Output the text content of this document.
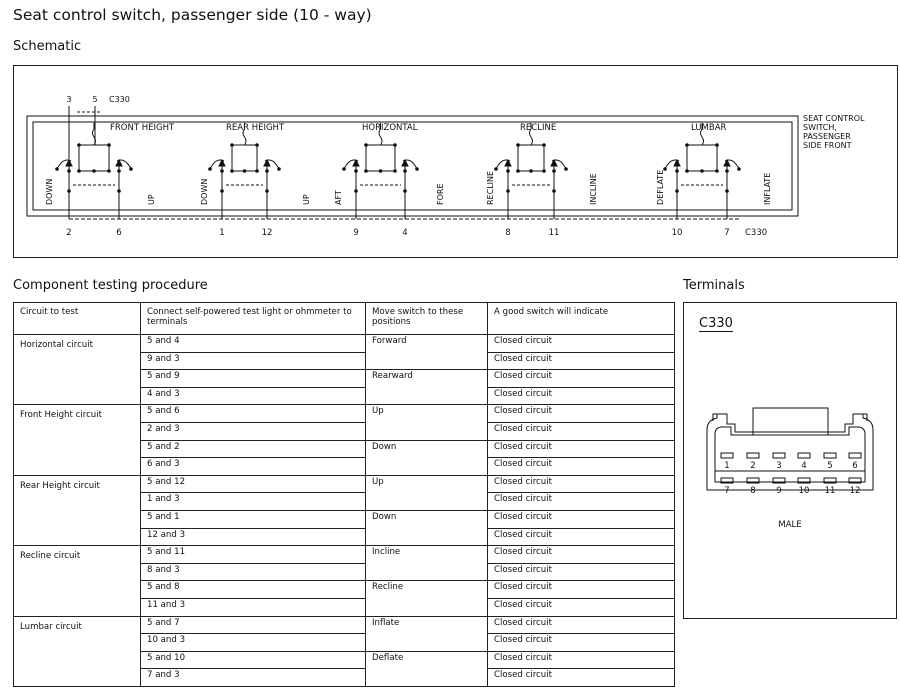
Seat control switch, passenger side (10 - way)
Schematic
3	5 C330
FRONT HEIGHT	REAR HEIGHT	HORIZONTAL	RECLINE	LUMBAR
SEAT CONTROL
SWITCH,
PASSENGER
SIDE FRONT
DOWN	UP	DOWN	UP	AFT	FORE	RECLINE	INCLINE	DEFLATE	INFLATE
2	6	1	12	9	4	8	11	10	7 C330
Component testing procedure
Circuit to test	Connect self-powered test light or ohmmeter to terminals	Move switch to these positions	A good switch will indicate
Horizontal circuit	5 and 4	Forward	Closed circuit
	9 and 3		Closed circuit
	5 and 9	Rearward	Closed circuit
	4 and 3		Closed circuit
Front Height circuit	5 and 6	Up	Closed circuit
	2 and 3		Closed circuit
	5 and 2	Down	Closed circuit
	6 and 3		Closed circuit
Rear Height circuit	5 and 12	Up	Closed circuit
	1 and 3		Closed circuit
	5 and 1	Down	Closed circuit
	12 and 3		Closed circuit
Recline circuit	5 and 11	Incline	Closed circuit
	8 and 3		Closed circuit
	5 and 8	Recline	Closed circuit
	11 and 3		Closed circuit
Lumbar circuit	5 and 7	Inflate	Closed circuit
	10 and 3		Closed circuit
	5 and 10	Deflate	Closed circuit
	7 and 3		Closed circuit
Terminals
C330
1
7
2
8
3
9
4
10
5
11
6
12
MALE
